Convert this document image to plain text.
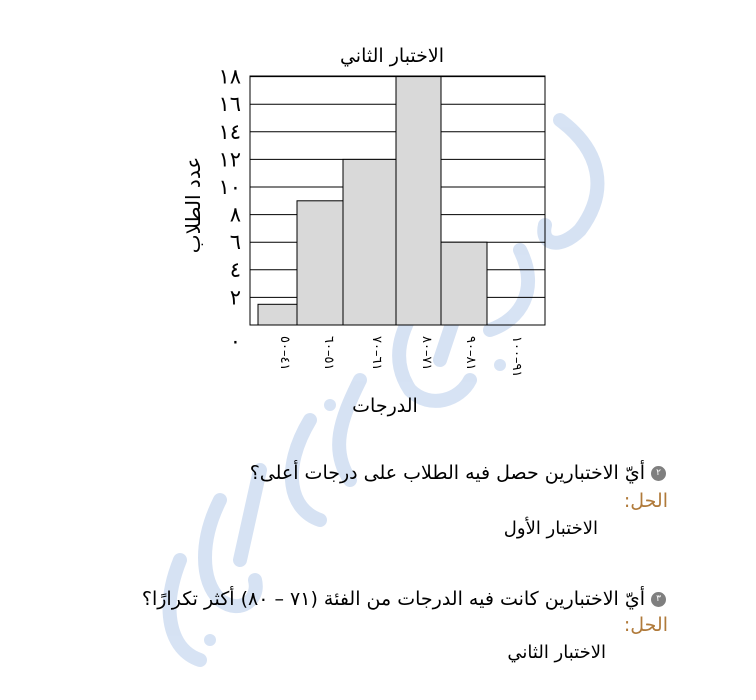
الاختبار الثاني
٠
٢
٤
٦
٨
١٠
١٢
١٤
١٦
١٨
٤١–٥٠
٥١–٦٠
٦١–٧٠
٧١–٨٠
٨١–٩٠
٩١–١٠٠
عدد الطلاب
الدرجات
٢أيّ الاختبارين حصل فيه الطلاب على درجات أعلى؟
الحل:
الاختبار الأول
٣أيّ الاختبارين كانت فيه الدرجات من الفئة (٧١ – ٨٠) أكثر تكرارًا؟
الحل:
الاختبار الثاني
